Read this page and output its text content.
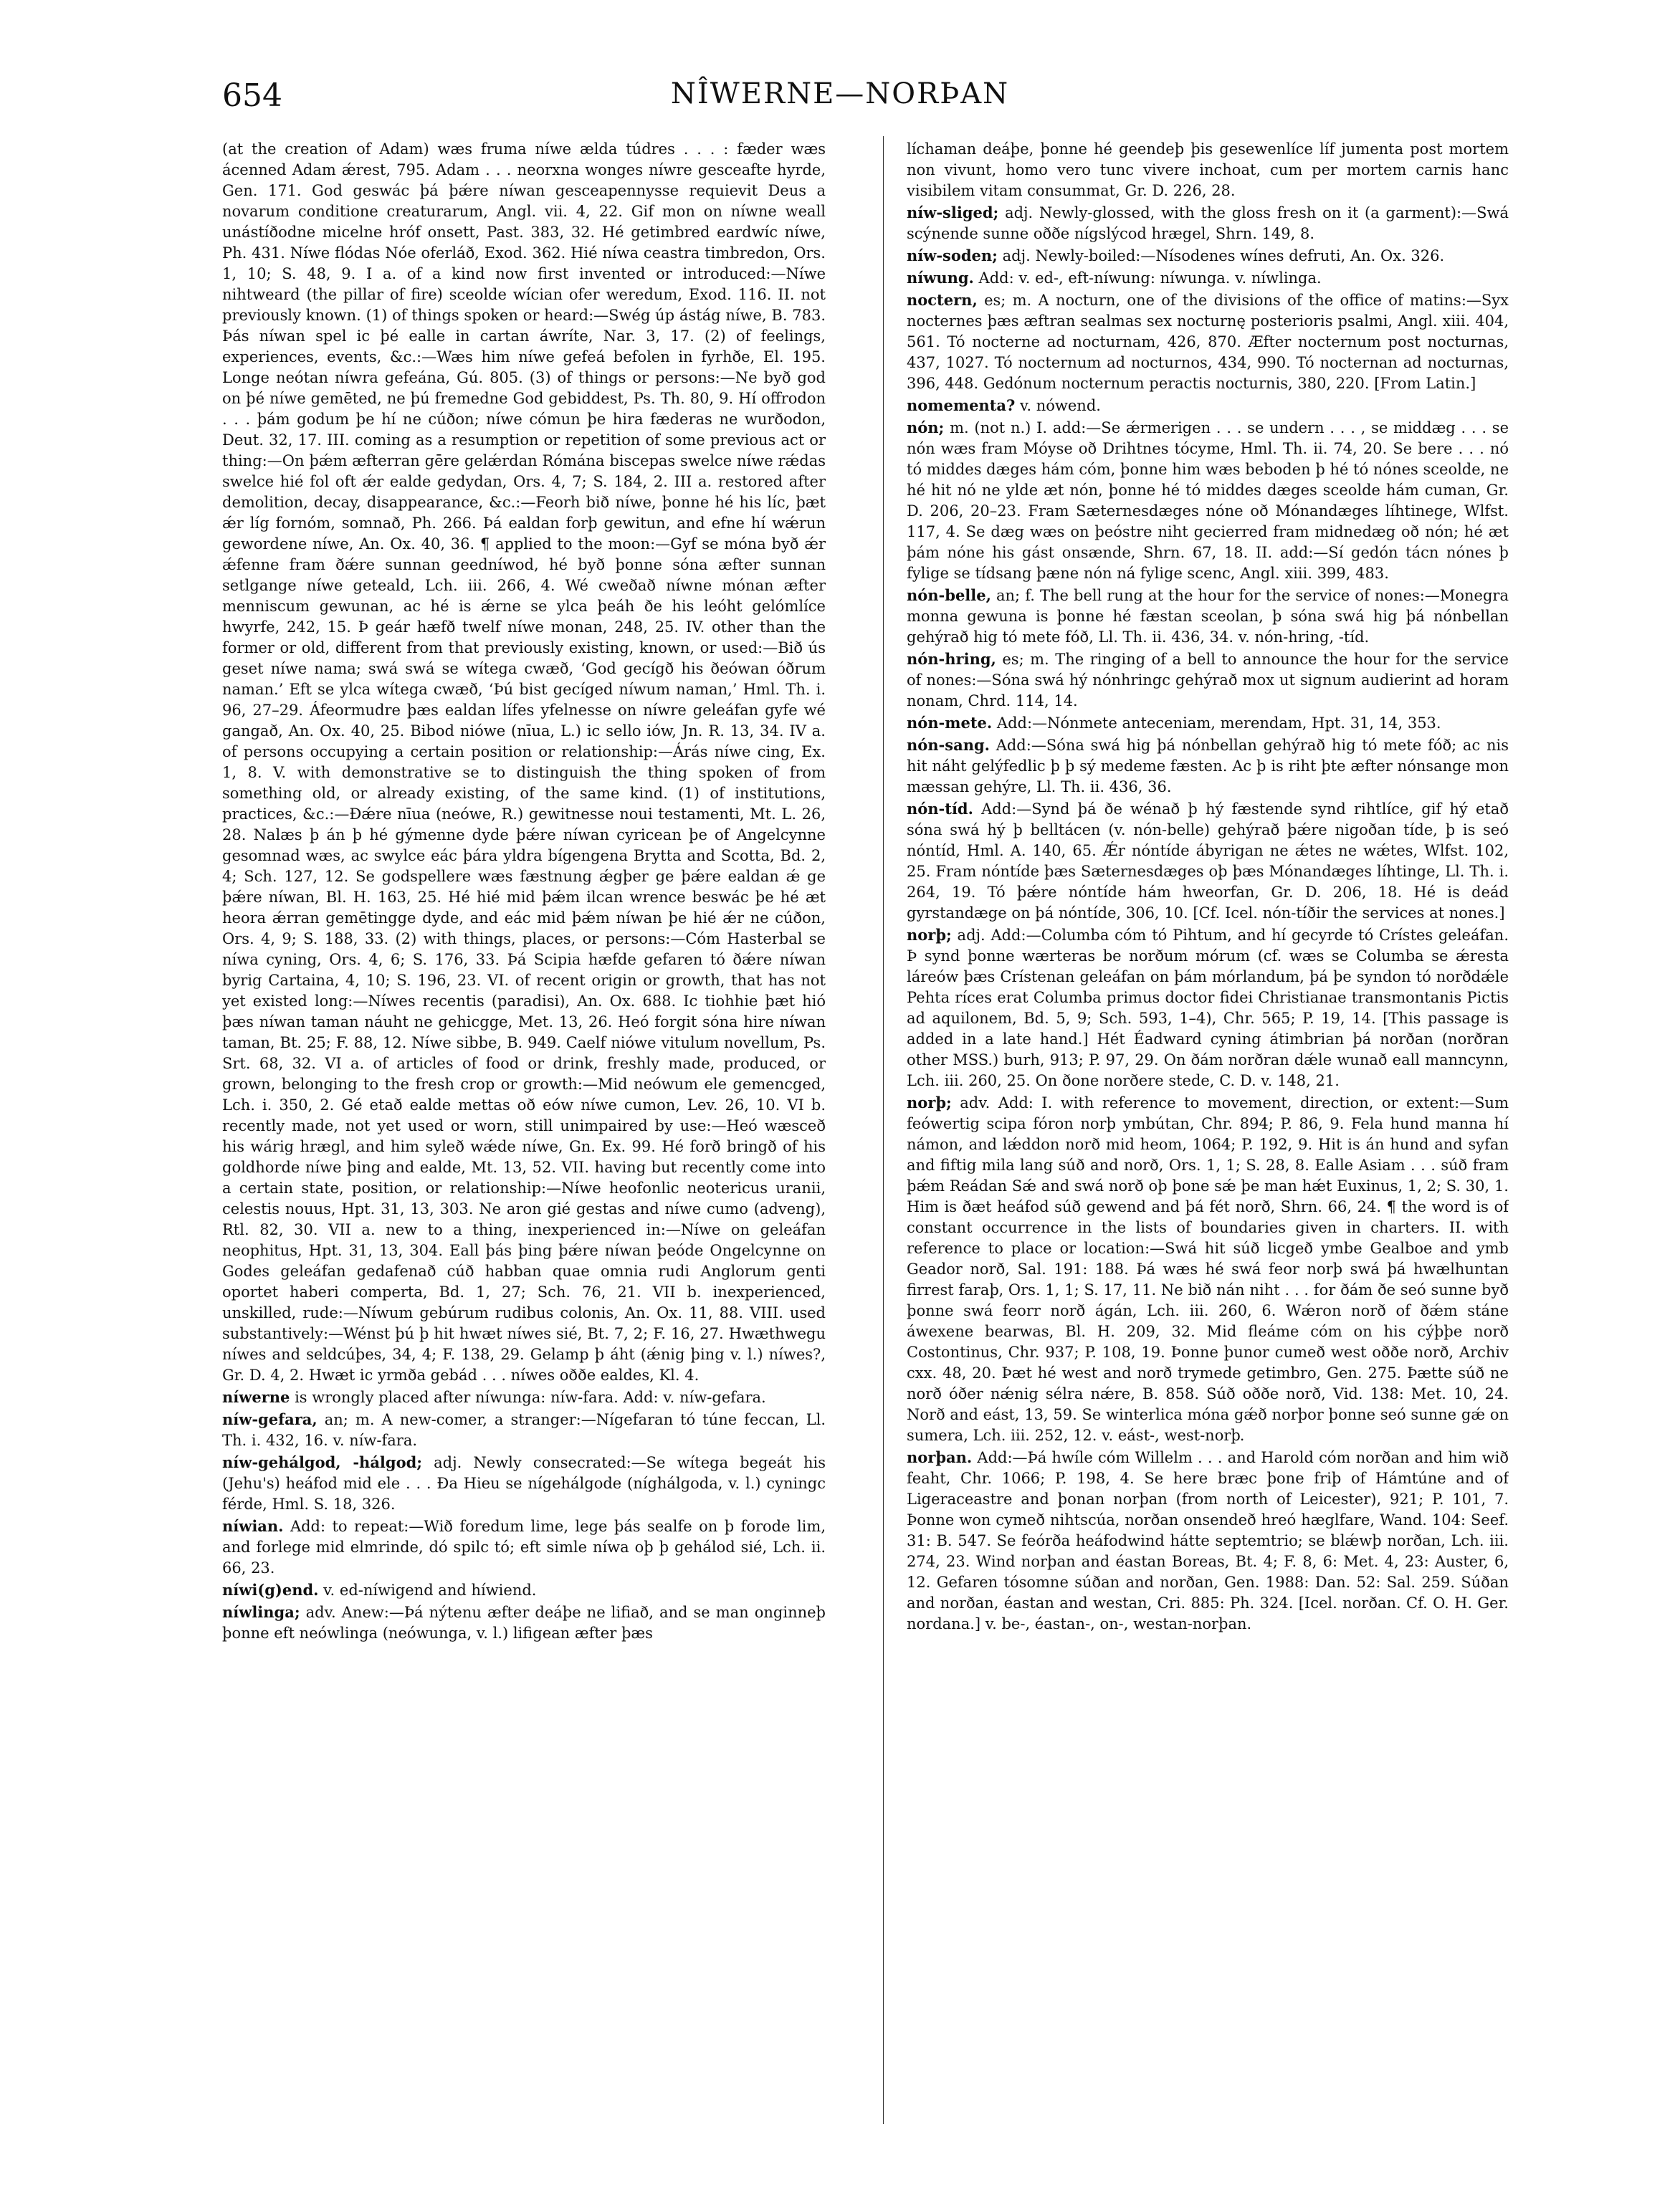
654	NÎWERNE—NORÞAN
(at the creation of Adam) wæs fruma níwe ælda túdres . . . : fæder wæs ácenned Adam ǽrest, 795. Adam . . . neorxna wonges níwre gesceafte hyrde, Gen. 171. God geswác þá þǽre níwan gesceapennysse requievit Deus a novarum conditione creaturarum, Angl. vii. 4, 22. Gif mon on níwne weall unástíðodne micelne hróf onsett, Past. 383, 32. Hé getimbred eardwíc níwe, Ph. 431. Níwe flódas Nóe oferláð, Exod. 362. Hié níwa ceastra timbredon, Ors. 1, 10; S. 48, 9. I a. of a kind now first invented or introduced:—Níwe nihtweard (the pillar of fire) sceolde wícian ofer weredum, Exod. 116. II. not previously known. (1) of things spoken or heard:—Swég úp ástág níwe, B. 783. Þás níwan spel ic þé ealle in cartan áwríte, Nar. 3, 17. (2) of feelings, experiences, events, &c.:—Wæs him níwe gefeá befolen in fyrhðe, El. 195. Longe neótan níwra gefeána, Gú. 805. (3) of things or persons:—Ne byð god on þé níwe gemēted, ne þú fremedne God gebiddest, Ps. Th. 80, 9. Hí offrodon . . . þám godum þe hí ne cúðon; níwe cómun þe hira fæderas ne wurðodon, Deut. 32, 17. III. coming as a resumption or repetition of some previous act or thing:—On þǽm æfterran gēre gelǽrdan Rómána biscepas swelce níwe rǽdas swelce hié fol oft ǽr ealde gedydan, Ors. 4, 7; S. 184, 2. III a. restored after demolition, decay, disappearance, &c.:—Feorh bið níwe, þonne hé his líc, þæt ǽr líg fornóm, somnað, Ph. 266. Þá ealdan forþ gewitun, and efne hí wǽrun gewordene níwe, An. Ox. 40, 36. ¶ applied to the moon:—Gyf se móna byð ǽr ǽfenne fram ðǽre sunnan geedníwod, hé byð þonne sóna æfter sunnan setlgange níwe geteald, Lch. iii. 266, 4. Wé cweðað níwne mónan æfter menniscum gewunan, ac hé is ǽrne se ylca þeáh ðe his leóht gelómlíce hwyrfe, 242, 15. Þ geár hæfð twelf níwe monan, 248, 25. IV. other than the former or old, different from that previously existing, known, or used:—Bið ús geset níwe nama; swá swá se wítega cwæð, ‘God gecígð his ðeówan óðrum naman.’ Eft se ylca wítega cwæð, ‘Þú bist gecíged níwum naman,’ Hml. Th. i. 96, 27–29. Áfeormudre þæs ealdan lífes yfelnesse on níwre geleáfan gyfe wé gangað, An. Ox. 40, 25. Bibod niówe (nīua, L.) ic sello iów, Jn. R. 13, 34. IV a. of persons occupying a certain position or relationship:—Árás níwe cing, Ex. 1, 8. V. with demonstrative se to distinguish the thing spoken of from something old, or already existing, of the same kind. (1) of institutions, practices, &c.:—Ðǽre nīua (neówe, R.) gewitnesse noui testamenti, Mt. L. 26, 28. Nalæs þ án þ hé gýmenne dyde þǽre níwan cyricean þe of Angelcynne gesomnad wæs, ac swylce eác þára yldra bígengena Brytta and Scotta, Bd. 2, 4; Sch. 127, 12. Se godspellere wæs fæstnung ǽgþer ge þǽre ealdan ǽ ge þǽre níwan, Bl. H. 163, 25. Hé hié mid þǽm ilcan wrence beswác þe hé æt heora ǽrran gemētingge dyde, and eác mid þǽm níwan þe hié ǽr ne cúðon, Ors. 4, 9; S. 188, 33. (2) with things, places, or persons:—Cóm Hasterbal se níwa cyning, Ors. 4, 6; S. 176, 33. Þá Scipia hæfde gefaren tó ðǽre níwan byrig Cartaina, 4, 10; S. 196, 23. VI. of recent origin or growth, that has not yet existed long:—Níwes recentis (paradisi), An. Ox. 688. Ic tiohhie þæt hió þæs níwan taman náuht ne gehicgge, Met. 13, 26. Heó forgit sóna hire níwan taman, Bt. 25; F. 88, 12. Níwe sibbe, B. 949. Caelf niówe vitulum novellum, Ps. Srt. 68, 32. VI a. of articles of food or drink, freshly made, produced, or grown, belonging to the fresh crop or growth:—Mid neówum ele gemencged, Lch. i. 350, 2. Gé etað ealde mettas oð eów níwe cumon, Lev. 26, 10. VI b. recently made, not yet used or worn, still unimpaired by use:—Heó wæsceð his wárig hrægl, and him syleð wǽde níwe, Gn. Ex. 99. Hé forð bringð of his goldhorde níwe þing and ealde, Mt. 13, 52. VII. having but recently come into a certain state, position, or relationship:—Níwe heofonlic neotericus uranii, celestis nouus, Hpt. 31, 13, 303. Ne aron gié gestas and níwe cumo (adveng), Rtl. 82, 30. VII a. new to a thing, inexperienced in:—Níwe on geleáfan neophitus, Hpt. 31, 13, 304. Eall þás þing þǽre níwan þeóde Ongelcynne on Godes geleáfan gedafenað cúð habban quae omnia rudi Anglorum genti oportet haberi comperta, Bd. 1, 27; Sch. 76, 21. VII b. inexperienced, unskilled, rude:—Níwum gebúrum rudibus colonis, An. Ox. 11, 88. VIII. used substantively:—Wénst þú þ hit hwæt níwes sié, Bt. 7, 2; F. 16, 27. Hwæthwegu níwes and seldcúþes, 34, 4; F. 138, 29. Gelamp þ áht (ǽnig þing v. l.) níwes?, Gr. D. 4, 2. Hwæt ic yrmða gebád . . . níwes oððe ealdes, Kl. 4.
níwerne is wrongly placed after níwunga: níw-fara. Add: v. níw-gefara.
níw-gefara, an; m. A new-comer, a stranger:—Nígefaran tó túne feccan, Ll. Th. i. 432, 16. v. níw-fara.
níw-gehálgod, -hálgod; adj. Newly consecrated:—Se wítega begeát his (Jehu's) heáfod mid ele . . . Ða Hieu se nígehálgode (níghálgoda, v. l.) cyningc férde, Hml. S. 18, 326.
níwian. Add: to repeat:—Wið foredum lime, lege þás sealfe on þ forode lim, and forlege mid elmrinde, dó spilc tó; eft simle níwa oþ þ gehálod sié, Lch. ii. 66, 23.
níwi(g)end. v. ed-níwigend and híwiend.
níwlinga; adv. Anew:—Þá nýtenu æfter deáþe ne lifiað, and se man onginneþ þonne eft neówlinga (neówunga, v. l.) lifigean æfter þæs
líchaman deáþe, þonne hé geendeþ þis gesewenlíce líf jumenta post mortem non vivunt, homo vero tunc vivere inchoat, cum per mortem carnis hanc visibilem vitam consummat, Gr. D. 226, 28.
níw-sliged; adj. Newly-glossed, with the gloss fresh on it (a garment):—Swá scýnende sunne oððe nígslýcod hrægel, Shrn. 149, 8.
níw-soden; adj. Newly-boiled:—Nísodenes wínes defruti, An. Ox. 326.
níwung. Add: v. ed-, eft-níwung: níwunga. v. níwlinga.
noctern, es; m. A nocturn, one of the divisions of the office of matins:—Syx nocternes þæs æftran sealmas sex nocturnę posterioris psalmi, Angl. xiii. 404, 561. Tó nocterne ad nocturnam, 426, 870. Æfter nocternum post nocturnas, 437, 1027. Tó nocternum ad nocturnos, 434, 990. Tó nocternan ad nocturnas, 396, 448. Gedónum nocternum peractis nocturnis, 380, 220. [From Latin.]
nomementa? v. nówend.
nón; m. (not n.) I. add:—Se ǽrmerigen . . . se undern . . . , se middæg . . . se nón wæs fram Móyse oð Drihtnes tócyme, Hml. Th. ii. 74, 20. Se bere . . . nó tó middes dæges hám cóm, þonne him wæs beboden þ hé tó nónes sceolde, ne hé hit nó ne ylde æt nón, þonne hé tó middes dæges sceolde hám cuman, Gr. D. 206, 20–23. Fram Sæternesdæges nóne oð Mónandæges líhtinege, Wlfst. 117, 4. Se dæg wæs on þeóstre niht gecierred fram midnedæg oð nón; hé æt þám nóne his gást onsænde, Shrn. 67, 18. II. add:—Sí gedón tácn nónes þ fylige se tídsang þæne nón ná fylige scenc, Angl. xiii. 399, 483.
nón-belle, an; f. The bell rung at the hour for the service of nones:—Monegra monna gewuna is þonne hé fæstan sceolan, þ sóna swá hig þá nónbellan gehýrað hig tó mete fóð, Ll. Th. ii. 436, 34. v. nón-hring, -tíd.
nón-hring, es; m. The ringing of a bell to announce the hour for the service of nones:—Sóna swá hý nónhringc gehýrað mox ut signum audierint ad horam nonam, Chrd. 114, 14.
nón-mete. Add:—Nónmete anteceniam, merendam, Hpt. 31, 14, 353.
nón-sang. Add:—Sóna swá hig þá nónbellan gehýrað hig tó mete fóð; ac nis hit náht gelýfedlic þ þ sý medeme fæsten. Ac þ is riht þte æfter nónsange mon mæssan gehýre, Ll. Th. ii. 436, 36.
nón-tíd. Add:—Synd þá ðe wénað þ hý fæstende synd rihtlíce, gif hý etað sóna swá hý þ belltácen (v. nón-belle) gehýrað þǽre nigoðan tíde, þ is seó nóntíd, Hml. A. 140, 65. Ǽr nóntíde ábyrigan ne ǽtes ne wǽtes, Wlfst. 102, 25. Fram nóntíde þæs Sæternesdæges oþ þæs Mónandæges líhtinge, Ll. Th. i. 264, 19. Tó þǽre nóntíde hám hweorfan, Gr. D. 206, 18. Hé is deád gyrstandæge on þá nóntíde, 306, 10. [Cf. Icel. nón-tíðir the services at nones.]
norþ; adj. Add:—Columba cóm tó Pihtum, and hí gecyrde tó Crístes geleáfan. Þ synd þonne wærteras be norðum mórum (cf. wæs se Columba se ǽresta láreów þæs Crístenan geleáfan on þám mórlandum, þá þe syndon tó norðdǽle Pehta ríces erat Columba primus doctor fidei Christianae transmontanis Pictis ad aquilonem, Bd. 5, 9; Sch. 593, 1–4), Chr. 565; P. 19, 14. [This passage is added in a late hand.] Hét Éadward cyning átimbrian þá norðan (norðran other MSS.) burh, 913; P. 97, 29. On ðám norðran dǽle wunað eall manncynn, Lch. iii. 260, 25. On ðone norðere stede, C. D. v. 148, 21.
norþ; adv. Add: I. with reference to movement, direction, or extent:—Sum feówertig scipa fóron norþ ymbútan, Chr. 894; P. 86, 9. Fela hund manna hí námon, and lǽddon norð mid heom, 1064; P. 192, 9. Hit is án hund and syfan and fiftig mila lang súð and norð, Ors. 1, 1; S. 28, 8. Ealle Asiam . . . súð fram þǽm Reádan Sǽ and swá norð oþ þone sǽ þe man hǽt Euxinus, 1, 2; S. 30, 1. Him is ðæt heáfod súð gewend and þá fét norð, Shrn. 66, 24. ¶ the word is of constant occurrence in the lists of boundaries given in charters. II. with reference to place or location:—Swá hit súð licgeð ymbe Gealboe and ymb Geador norð, Sal. 191: 188. Þá wæs hé swá feor norþ swá þá hwælhuntan firrest faraþ, Ors. 1, 1; S. 17, 11. Ne bið nán niht . . . for ðám ðe seó sunne byð þonne swá feorr norð ágán, Lch. iii. 260, 6. Wǽron norð of ðǽm stáne áwexene bearwas, Bl. H. 209, 32. Mid fleáme cóm on his cýþþe norð Costontinus, Chr. 937; P. 108, 19. Þonne þunor cumeð west oððe norð, Archiv cxx. 48, 20. Þæt hé west and norð trymede getimbro, Gen. 275. Þætte súð ne norð óðer nǽnig sélra nǽre, B. 858. Súð oððe norð, Vid. 138: Met. 10, 24. Norð and eást, 13, 59. Se winterlica móna gǽð norþor þonne seó sunne gǽ on sumera, Lch. iii. 252, 12. v. eást-, west-norþ.
norþan. Add:—Þá hwíle cóm Willelm . . . and Harold cóm norðan and him wið feaht, Chr. 1066; P. 198, 4. Se here bræc þone friþ of Hámtúne and of Ligeraceastre and þonan norþan (from north of Leicester), 921; P. 101, 7. Þonne won cymeð nihtscúa, norðan onsendeð hreó hæglfare, Wand. 104: Seef. 31: B. 547. Se feórða heáfodwind hátte septemtrio; se blǽwþ norðan, Lch. iii. 274, 23. Wind norþan and éastan Boreas, Bt. 4; F. 8, 6: Met. 4, 23: Auster, 6, 12. Gefaren tósomne súðan and norðan, Gen. 1988: Dan. 52: Sal. 259. Súðan and norðan, éastan and westan, Cri. 885: Ph. 324. [Icel. norðan. Cf. O. H. Ger. nordana.] v. be-, éastan-, on-, westan-norþan.
